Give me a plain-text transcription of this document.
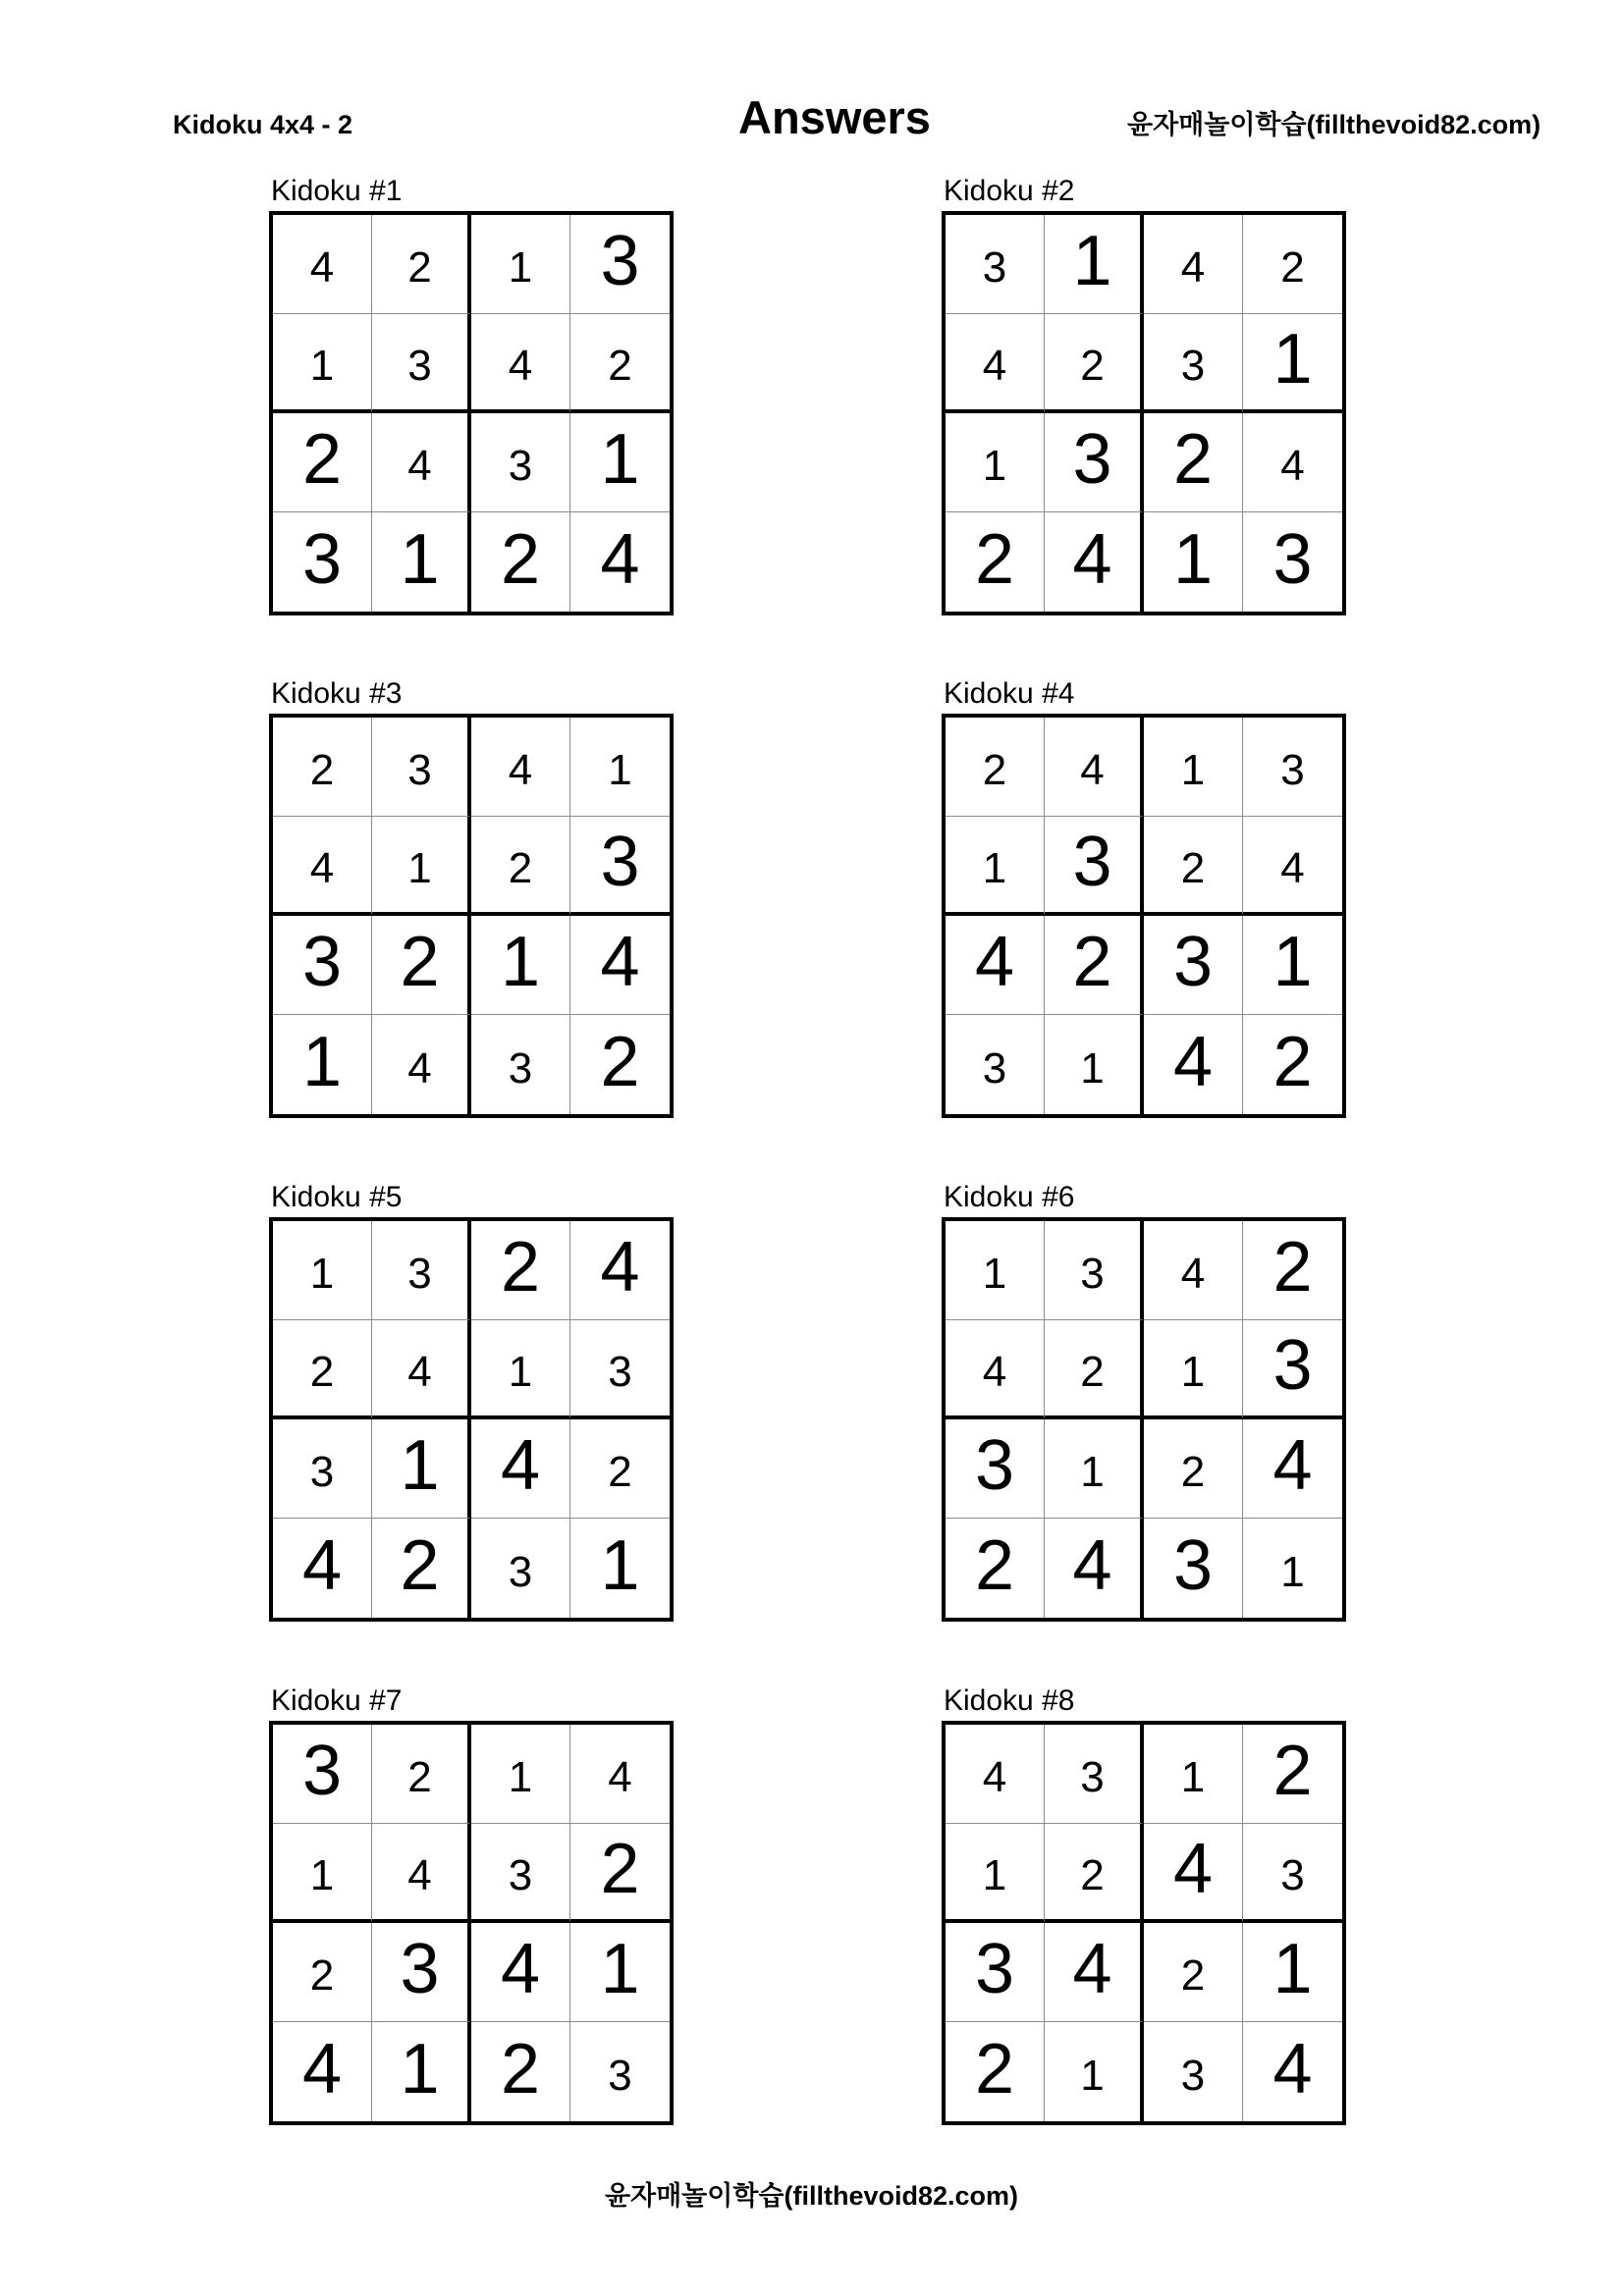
Kidoku 4x4 - 2	Answers	윤자매놀이학습(fillthevoid82.com)
Kidoku #1
4	2	1 3
1	3	4	2
2	4	3 1
3 1 2 4
Kidoku #2
3 1	4	2
4	2	3 1
1 3 2	4
2 4 1 3
Kidoku #3
2	3	4	1
4	1	2 3
3 2 1 4
1	4	3 2
Kidoku #4
2	4	1	3
1 3	2	4
4 2 3 1
3	1 4 2
Kidoku #5
1	3 2 4
2	4	1	3
3 1 4	2
4 2	3 1
Kidoku #6
1	3	4 2
4	2	1 3
3	1	2 4
2 4 3	1
Kidoku #7
3	2	1	4
1	4	3 2
2 3 4 1
4 1 2	3
Kidoku #8
4	3	1 2
1	2 4	3
3 4	2 1
2	1	3 4
윤자매놀이학습(fillthevoid82.com)
